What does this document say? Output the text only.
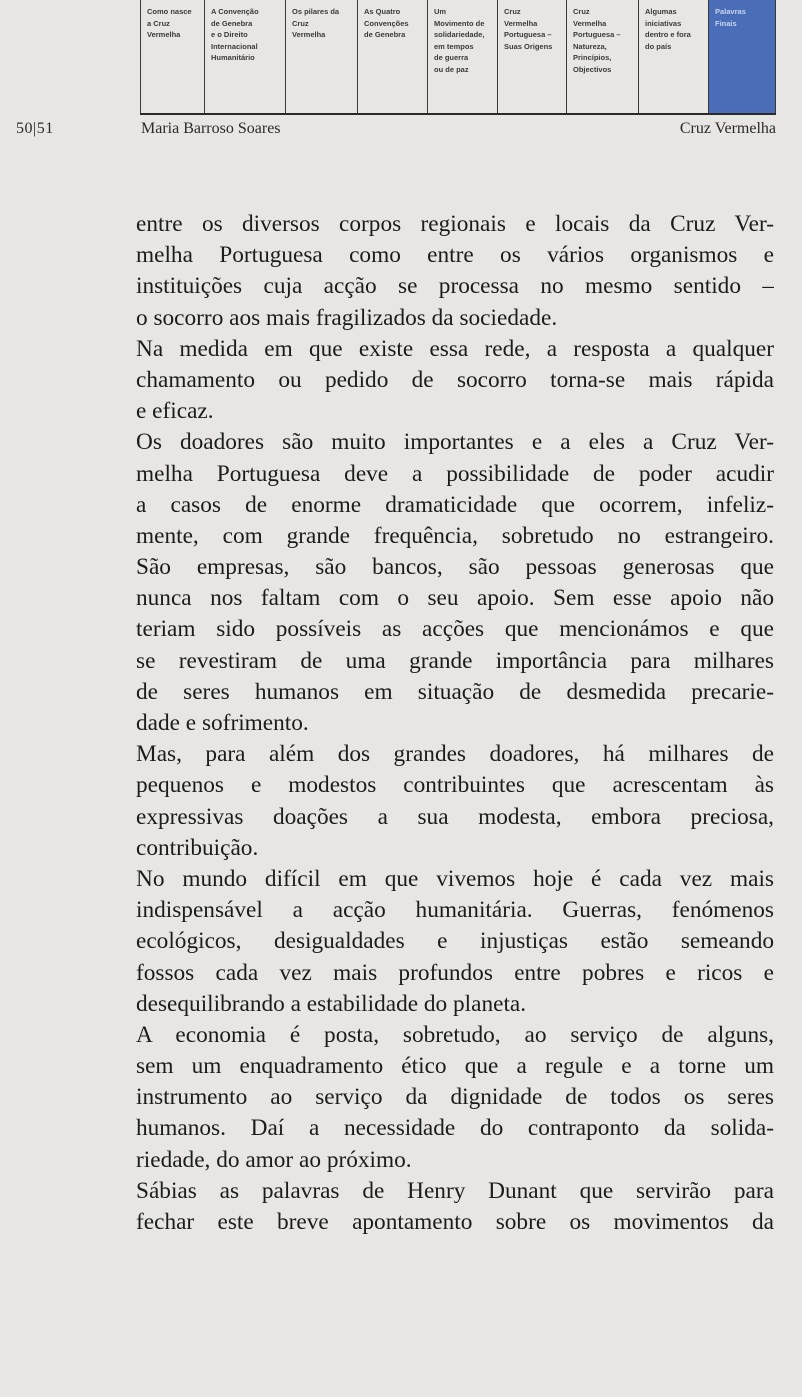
Como nasce
a Cruz
Vermelha
A Convenção
de Genebra
e o Direito
Internacional
Humanitário
Os pilares da
Cruz
Vermelha
As Quatro
Convenções
de Genebra
Um
Movimento de
solidariedade,
em tempos
de guerra
ou de paz
Cruz
Vermelha
Portuguesa –
Suas Origens
Cruz
Vermelha
Portuguesa –
Natureza,
Princípios,
Objectivos
Algumas
iniciativas
dentro e fora
do país
Palavras
Finais
50|51	Maria Barroso Soares	Cruz Vermelha
entre os diversos corpos regionais e locais da Cruz Ver-
melha Portuguesa como entre os vários organismos e
instituições cuja acção se processa no mesmo sentido –
o socorro aos mais fragilizados da sociedade.
Na medida em que existe essa rede, a resposta a qualquer
chamamento ou pedido de socorro torna-se mais rápida
e eficaz.
Os doadores são muito importantes e a eles a Cruz Ver-
melha Portuguesa deve a possibilidade de poder acudir
a casos de enorme dramaticidade que ocorrem, infeliz-
mente, com grande frequência, sobretudo no estrangeiro.
São empresas, são bancos, são pessoas generosas que
nunca nos faltam com o seu apoio. Sem esse apoio não
teriam sido possíveis as acções que mencionámos e que
se revestiram de uma grande importância para milhares
de seres humanos em situação de desmedida precarie-
dade e sofrimento.
Mas, para além dos grandes doadores, há milhares de
pequenos e modestos contribuintes que acrescentam às
expressivas doações a sua modesta, embora preciosa,
contribuição.
No mundo difícil em que vivemos hoje é cada vez mais
indispensável a acção humanitária. Guerras, fenómenos
ecológicos, desigualdades e injustiças estão semeando
fossos cada vez mais profundos entre pobres e ricos e
desequilibrando a estabilidade do planeta.
A economia é posta, sobretudo, ao serviço de alguns,
sem um enquadramento ético que a regule e a torne um
instrumento ao serviço da dignidade de todos os seres
humanos. Daí a necessidade do contraponto da solida-
riedade, do amor ao próximo.
Sábias as palavras de Henry Dunant que servirão para
fechar este breve apontamento sobre os movimentos da
